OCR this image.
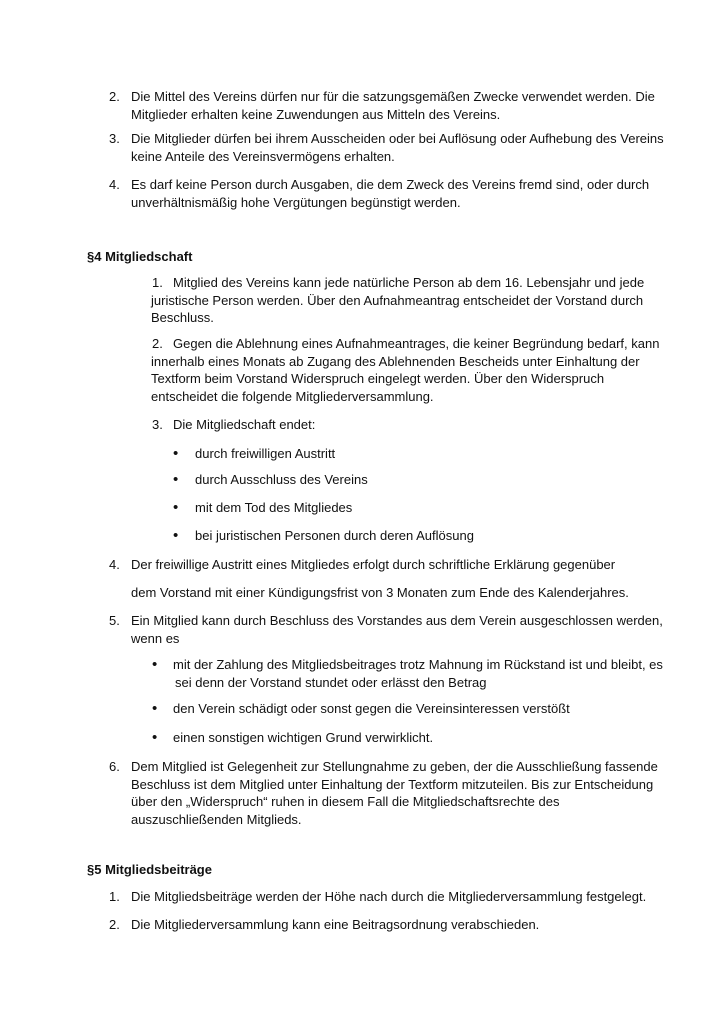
2. Die Mittel des Vereins dürfen nur für die satzungsgemäßen Zwecke verwendet werden. Die
Mitglieder erhalten keine Zuwendungen aus Mitteln des Vereins.
3. Die Mitglieder dürfen bei ihrem Ausscheiden oder bei Auflösung oder Aufhebung des Vereins
keine Anteile des Vereinsvermögens erhalten.
4. Es darf keine Person durch Ausgaben, die dem Zweck des Vereins fremd sind, oder durch
unverhältnismäßig hohe Vergütungen begünstigt werden.
§4 Mitgliedschaft
1. Mitglied des Vereins kann jede natürliche Person ab dem 16. Lebensjahr und jede
juristische Person werden. Über den Aufnahmeantrag entscheidet der Vorstand durch
Beschluss.
2. Gegen die Ablehnung eines Aufnahmeantrages, die keiner Begründung bedarf, kann
innerhalb eines Monats ab Zugang des Ablehnenden Bescheids unter Einhaltung der
Textform beim Vorstand Widerspruch eingelegt werden. Über den Widerspruch
entscheidet die folgende Mitgliederversammlung.
3. Die Mitgliedschaft endet:
• durch freiwilligen Austritt
• durch Ausschluss des Vereins
• mit dem Tod des Mitgliedes
• bei juristischen Personen durch deren Auflösung
4. Der freiwillige Austritt eines Mitgliedes erfolgt durch schriftliche Erklärung gegenüber
dem Vorstand mit einer Kündigungsfrist von 3 Monaten zum Ende des Kalenderjahres.
5. Ein Mitglied kann durch Beschluss des Vorstandes aus dem Verein ausgeschlossen werden,
wenn es
• mit der Zahlung des Mitgliedsbeitrages trotz Mahnung im Rückstand ist und bleibt, es
sei denn der Vorstand stundet oder erlässt den Betrag
• den Verein schädigt oder sonst gegen die Vereinsinteressen verstößt
• einen sonstigen wichtigen Grund verwirklicht.
6. Dem Mitglied ist Gelegenheit zur Stellungnahme zu geben, der die Ausschließung fassende
Beschluss ist dem Mitglied unter Einhaltung der Textform mitzuteilen. Bis zur Entscheidung
über den „Widerspruch“ ruhen in diesem Fall die Mitgliedschaftsrechte des
auszuschließenden Mitglieds.
§5 Mitgliedsbeiträge
1. Die Mitgliedsbeiträge werden der Höhe nach durch die Mitgliederversammlung festgelegt.
2. Die Mitgliederversammlung kann eine Beitragsordnung verabschieden.
